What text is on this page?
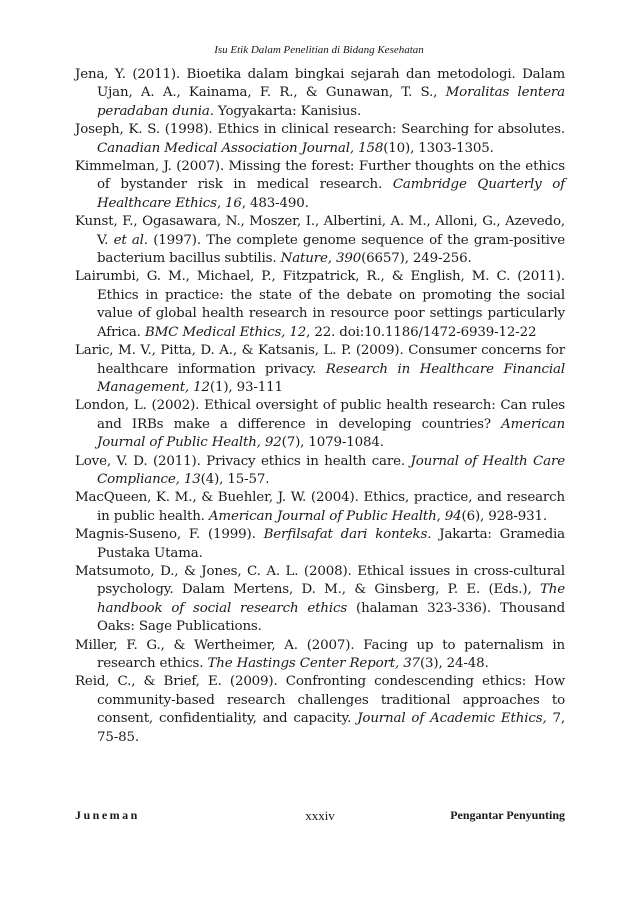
Isu Etik Dalam Penelitian di Bidang Kesehatan

Jena, Y. (2011). Bioetika dalam bingkai sejarah dan metodologi. Dalam Ujan, A. A., Kainama, F. R., & Gunawan, T. S., Moralitas lentera peradaban dunia. Yogyakarta: Kanisius.

Joseph, K. S. (1998). Ethics in clinical research: Searching for absolutes. Canadian Medical Association Journal, 158(10), 1303-1305.

Kimmelman, J. (2007). Missing the forest: Further thoughts on the ethics of bystander risk in medical research. Cambridge Quarterly of Healthcare Ethics, 16, 483-490.

Kunst, F., Ogasawara, N., Moszer, I., Albertini, A. M., Alloni, G., Azevedo, V. et al. (1997). The complete genome sequence of the gram-positive bacterium bacillus subtilis. Nature, 390(6657), 249-256.

Lairumbi, G. M., Michael, P., Fitzpatrick, R., & English, M. C. (2011). Ethics in practice: the state of the debate on promoting the social value of global health research in resource poor settings particularly Africa. BMC Medical Ethics, 12, 22. doi:10.1186/1472-6939-12-22

Laric, M. V., Pitta, D. A., & Katsanis, L. P. (2009). Consumer concerns for healthcare information privacy. Research in Healthcare Financial Management, 12(1), 93-111

London, L. (2002). Ethical oversight of public health research: Can rules and IRBs make a difference in developing countries? American Journal of Public Health, 92(7), 1079-1084.

Love, V. D. (2011). Privacy ethics in health care. Journal of Health Care Compliance, 13(4), 15-57.

MacQueen, K. M., & Buehler, J. W. (2004). Ethics, practice, and research in public health. American Journal of Public Health, 94(6), 928-931.

Magnis-Suseno, F. (1999). Berfilsafat dari konteks. Jakarta: Gramedia Pustaka Utama.

Matsumoto, D., & Jones, C. A. L. (2008). Ethical issues in cross-cultural psychology. Dalam Mertens, D. M., & Ginsberg, P. E. (Eds.), The handbook of social research ethics (halaman 323-336). Thousand Oaks: Sage Publications.

Miller, F. G., & Wertheimer, A. (2007). Facing up to paternalism in research ethics. The Hastings Center Report, 37(3), 24-48.

Reid, C., & Brief, E. (2009). Confronting condescending ethics: How community-based research challenges traditional approaches to consent, confidentiality, and capacity. Journal of Academic Ethics, 7, 75-85.

Juneman	xxxiv	Pengantar Penyunting
